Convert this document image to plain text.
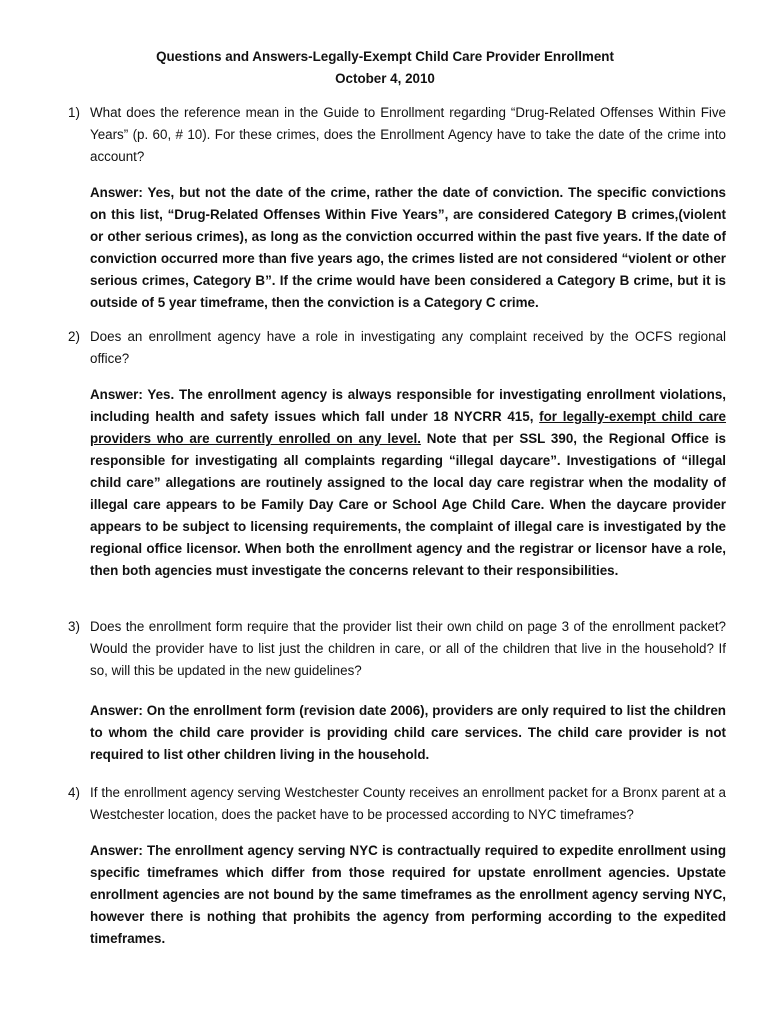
Questions and Answers-Legally-Exempt Child Care Provider Enrollment
October 4, 2010
1) What does the reference mean in the Guide to Enrollment regarding “Drug-Related Offenses Within Five Years” (p. 60, # 10). For these crimes, does the Enrollment Agency have to take the date of the crime into account?

Answer: Yes, but not the date of the crime, rather the date of conviction. The specific convictions on this list, “Drug-Related Offenses Within Five Years”, are considered Category B crimes,(violent or other serious crimes), as long as the conviction occurred within the past five years. If the date of conviction occurred more than five years ago, the crimes listed are not considered “violent or other serious crimes, Category B”. If the crime would have been considered a Category B crime, but it is outside of 5 year timeframe, then the conviction is a Category C crime.

2) Does an enrollment agency have a role in investigating any complaint received by the OCFS regional office?

Answer: Yes. The enrollment agency is always responsible for investigating enrollment violations, including health and safety issues which fall under 18 NYCRR 415, for legally-exempt child care providers who are currently enrolled on any level. Note that per SSL 390, the Regional Office is responsible for investigating all complaints regarding “illegal daycare”. Investigations of “illegal child care” allegations are routinely assigned to the local day care registrar when the modality of illegal care appears to be Family Day Care or School Age Child Care. When the daycare provider appears to be subject to licensing requirements, the complaint of illegal care is investigated by the regional office licensor. When both the enrollment agency and the registrar or licensor have a role, then both agencies must investigate the concerns relevant to their responsibilities.

3) Does the enrollment form require that the provider list their own child on page 3 of the enrollment packet? Would the provider have to list just the children in care, or all of the children that live in the household? If so, will this be updated in the new guidelines?

Answer: On the enrollment form (revision date 2006), providers are only required to list the children to whom the child care provider is providing child care services. The child care provider is not required to list other children living in the household.

4) If the enrollment agency serving Westchester County receives an enrollment packet for a Bronx parent at a Westchester location, does the packet have to be processed according to NYC timeframes?

Answer: The enrollment agency serving NYC is contractually required to expedite enrollment using specific timeframes which differ from those required for upstate enrollment agencies. Upstate enrollment agencies are not bound by the same timeframes as the enrollment agency serving NYC, however there is nothing that prohibits the agency from performing according to the expedited timeframes.
